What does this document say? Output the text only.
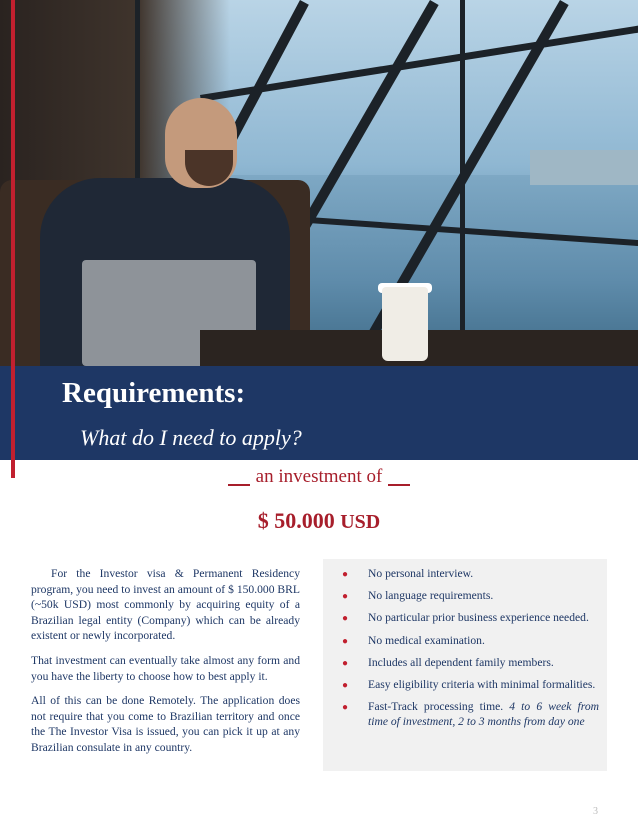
Requirements:
What do I need to apply?
an investment of
$ 50.000 USD

For the Investor visa & Permanent Residency program, you need to invest an amount of $ 150.000 BRL (~50k USD) most commonly by acquiring equity of a Brazilian legal entity (Company) which can be already existent or newly incorporated.

That investment can eventually take almost any form and you have the liberty to choose how to best apply it.

All of this can be done Remotely. The application does not require that you come to Brazilian territory and once the The Investor Visa is issued, you can pick it up at any Brazilian consulate in any country.

● No personal interview.
● No language requirements.
● No particular prior business experience needed.
● No medical examination.
● Includes all dependent family members.
● Easy eligibility criteria with minimal formalities.
● Fast-Track processing time. 4 to 6 week from time of investment, 2 to 3 months from day one
3
